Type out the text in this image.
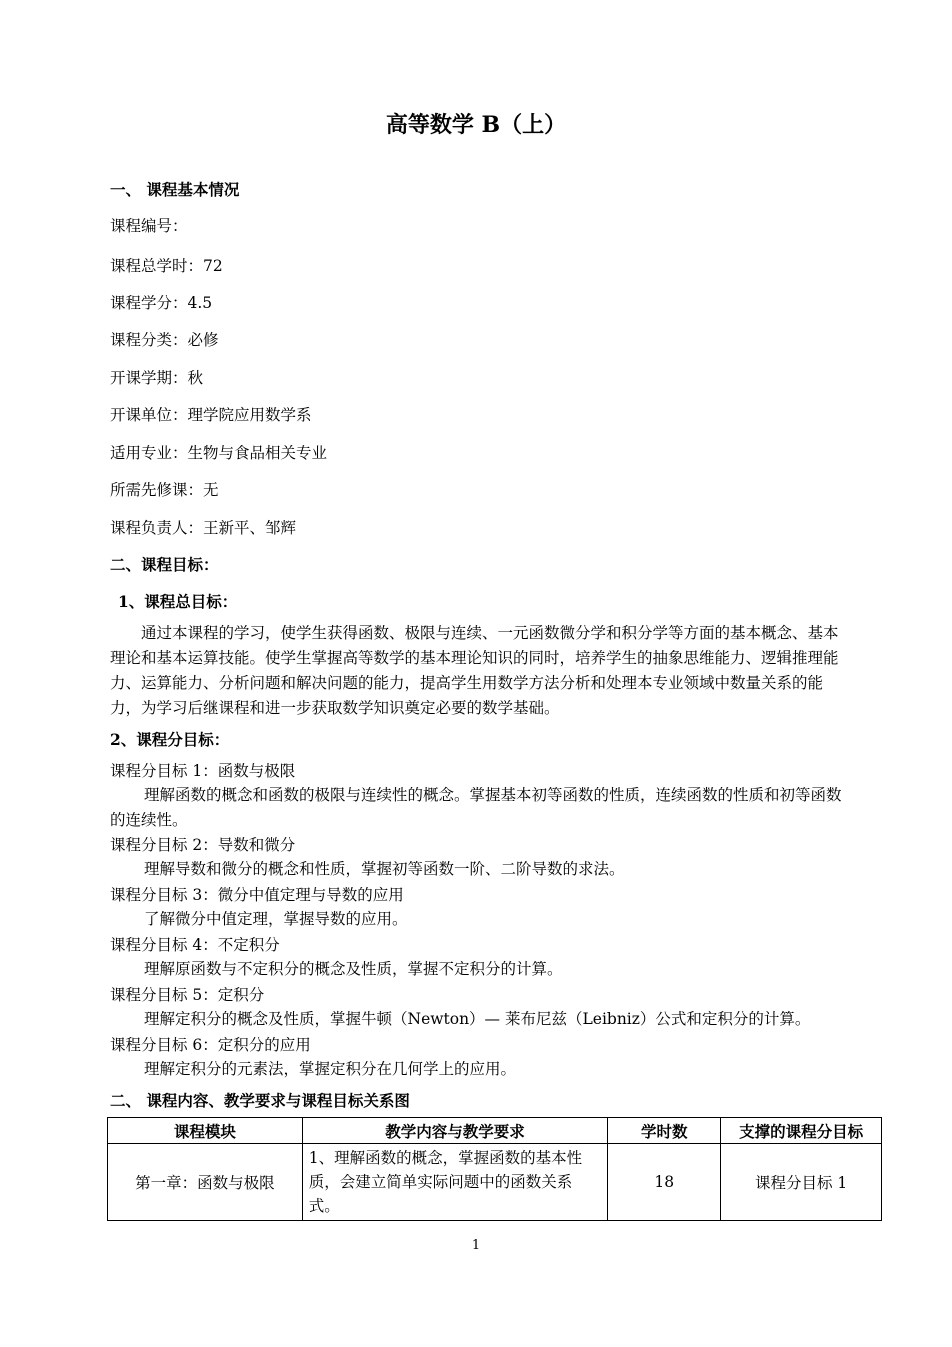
高等数学 B（上）
一、 课程基本情况
课程编号：
课程总学时：72
课程学分：4.5
课程分类：必修
开课学期：秋
开课单位：理学院应用数学系
适用专业：生物与食品相关专业
所需先修课：无
课程负责人：王新平、邹辉
二、课程目标：
1、课程总目标：
通过本课程的学习，使学生获得函数、极限与连续、一元函数微分学和积分学等方面的基本概念、基本理论和基本运算技能。使学生掌握高等数学的基本理论知识的同时，培养学生的抽象思维能力、逻辑推理能力、运算能力、分析问题和解决问题的能力，提高学生用数学方法分析和处理本专业领域中数量关系的能力，为学习后继课程和进一步获取数学知识奠定必要的数学基础。
2、课程分目标：
课程分目标 1：函数与极限
理解函数的概念和函数的极限与连续性的概念。掌握基本初等函数的性质，连续函数的性质和初等函数的连续性。
课程分目标 2：导数和微分
理解导数和微分的概念和性质，掌握初等函数一阶、二阶导数的求法。
课程分目标 3：微分中值定理与导数的应用
了解微分中值定理，掌握导数的应用。
课程分目标 4：不定积分
理解原函数与不定积分的概念及性质，掌握不定积分的计算。
课程分目标 5：定积分
理解定积分的概念及性质，掌握牛顿（Newton）— 莱布尼兹（Leibniz）公式和定积分的计算。
课程分目标 6：定积分的应用
理解定积分的元素法，掌握定积分在几何学上的应用。
二、 课程内容、教学要求与课程目标关系图
课程模块	教学内容与教学要求	学时数	支撑的课程分目标
第一章：函数与极限	1、理解函数的概念，掌握函数的基本性质，会建立简单实际问题中的函数关系式。	18	课程分目标 1
1
